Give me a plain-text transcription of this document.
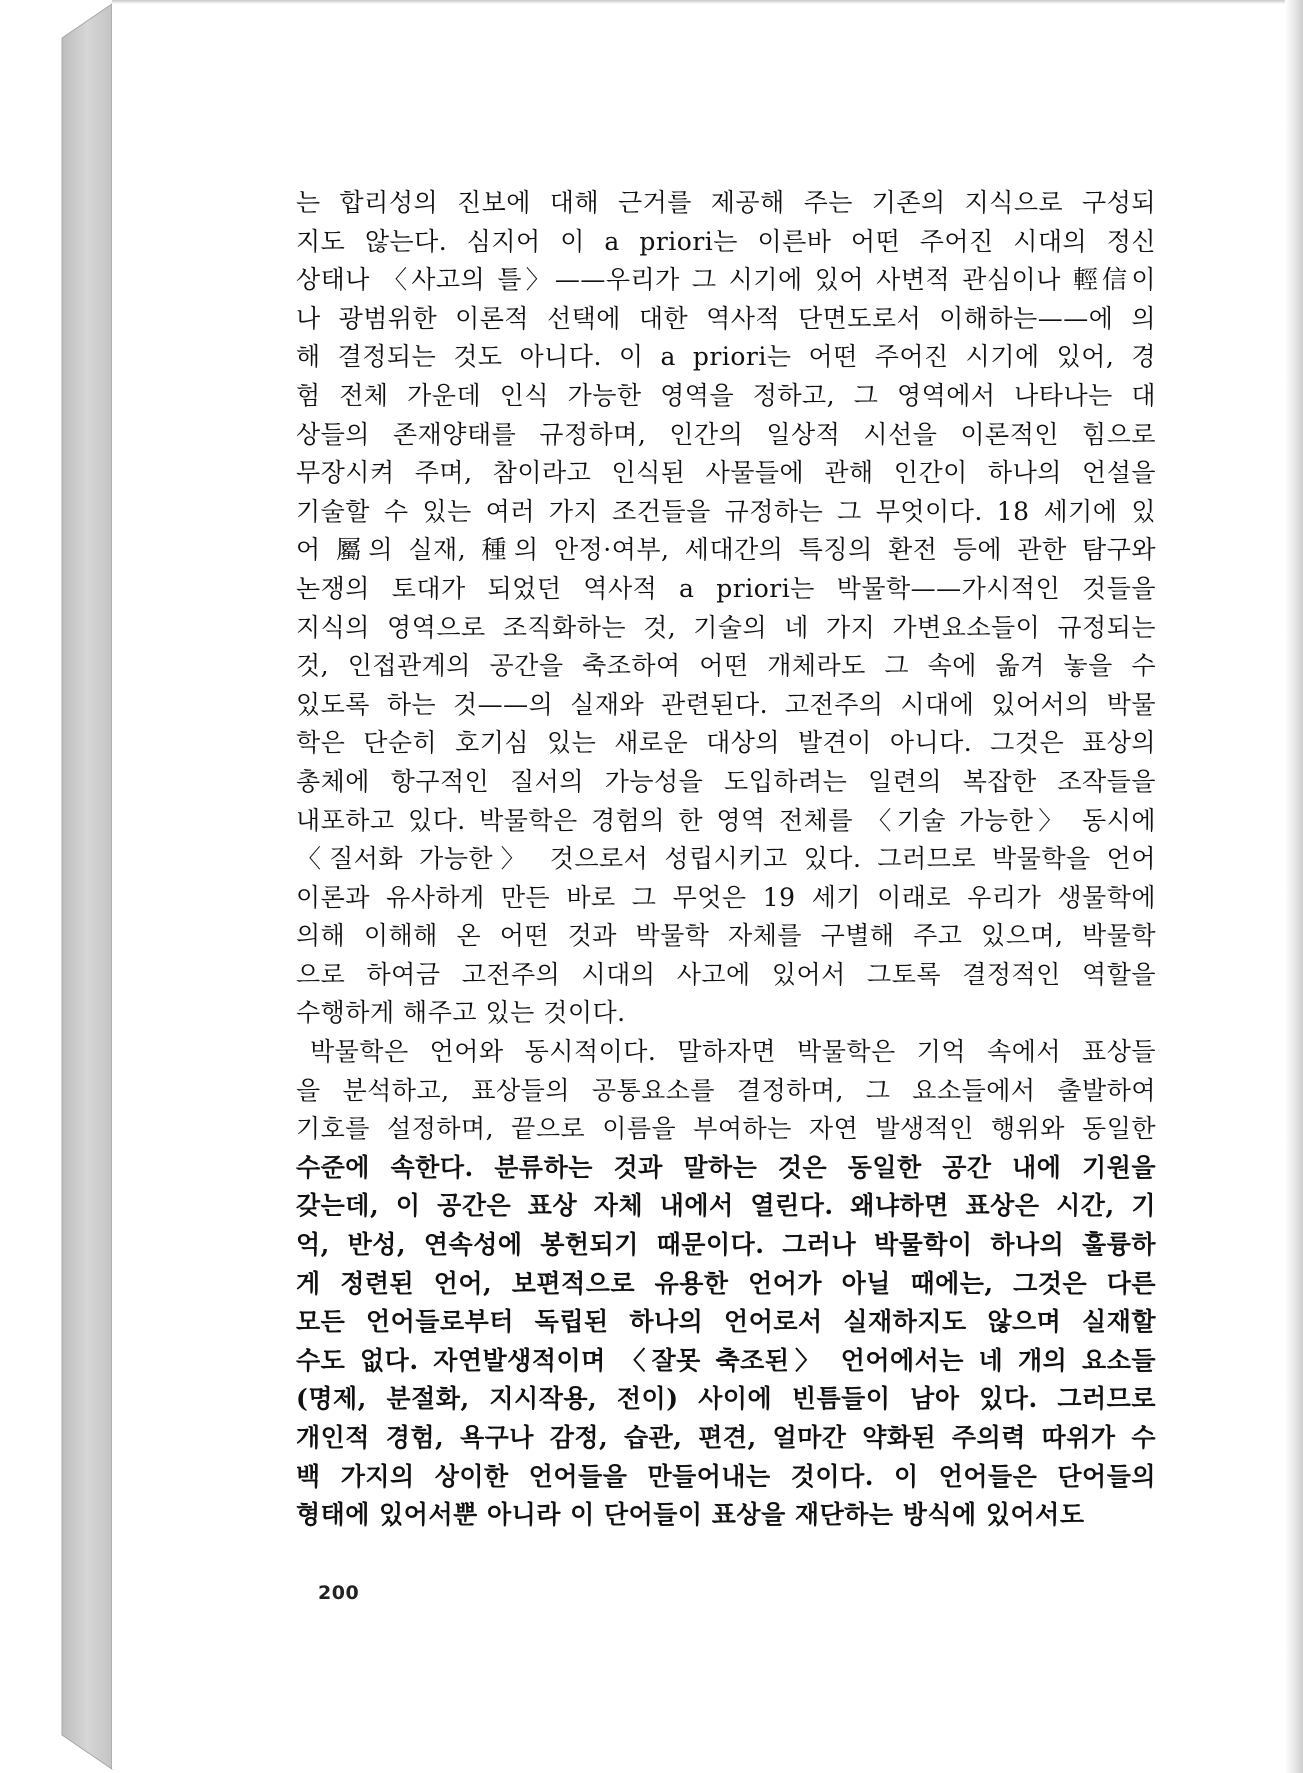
는 합리성의 진보에 대해 근거를 제공해 주는 기존의 지식으로 구성되
지도 않는다. 심지어 이 a priori는 이른바 어떤 주어진 시대의 정신
상태나 〈사고의 틀〉——우리가 그 시기에 있어 사변적 관심이나 輕信이
나 광범위한 이론적 선택에 대한 역사적 단면도로서 이해하는——에 의
해 결정되는 것도 아니다. 이 a priori는 어떤 주어진 시기에 있어, 경
험 전체 가운데 인식 가능한 영역을 정하고, 그 영역에서 나타나는 대
상들의 존재양태를 규정하며, 인간의 일상적 시선을 이론적인 힘으로
무장시켜 주며, 참이라고 인식된 사물들에 관해 인간이 하나의 언설을
기술할 수 있는 여러 가지 조건들을 규정하는 그 무엇이다. 18 세기에 있
어 屬의 실재, 種의 안정·여부, 세대간의 특징의 환전 등에 관한 탐구와
논쟁의 토대가 되었던 역사적 a priori는 박물학——가시적인 것들을
지식의 영역으로 조직화하는 것, 기술의 네 가지 가변요소들이 규정되는
것, 인접관계의 공간을 축조하여 어떤 개체라도 그 속에 옮겨 놓을 수
있도록 하는 것——의 실재와 관련된다. 고전주의 시대에 있어서의 박물
학은 단순히 호기심 있는 새로운 대상의 발견이 아니다. 그것은 표상의
총체에 항구적인 질서의 가능성을 도입하려는 일련의 복잡한 조작들을
내포하고 있다. 박물학은 경험의 한 영역 전체를 〈기술 가능한〉 동시에
〈질서화 가능한〉 것으로서 성립시키고 있다. 그러므로 박물학을 언어
이론과 유사하게 만든 바로 그 무엇은 19 세기 이래로 우리가 생물학에
의해 이해해 온 어떤 것과 박물학 자체를 구별해 주고 있으며, 박물학
으로 하여금 고전주의 시대의 사고에 있어서 그토록 결정적인 역할을
수행하게 해주고 있는 것이다.
박물학은 언어와 동시적이다. 말하자면 박물학은 기억 속에서 표상들
을 분석하고, 표상들의 공통요소를 결정하며, 그 요소들에서 출발하여
기호를 설정하며, 끝으로 이름을 부여하는 자연 발생적인 행위와 동일한
수준에 속한다. 분류하는 것과 말하는 것은 동일한 공간 내에 기원을
갖는데, 이 공간은 표상 자체 내에서 열린다. 왜냐하면 표상은 시간, 기
억, 반성, 연속성에 봉헌되기 때문이다. 그러나 박물학이 하나의 훌륭하
게 정련된 언어, 보편적으로 유용한 언어가 아닐 때에는, 그것은 다른
모든 언어들로부터 독립된 하나의 언어로서 실재하지도 않으며 실재할
수도 없다. 자연발생적이며 〈잘못 축조된〉 언어에서는 네 개의 요소들
(명제, 분절화, 지시작용, 전이) 사이에 빈틈들이 남아 있다. 그러므로
개인적 경험, 욕구나 감정, 습관, 편견, 얼마간 약화된 주의력 따위가 수
백 가지의 상이한 언어들을 만들어내는 것이다. 이 언어들은 단어들의
형태에 있어서뿐 아니라 이 단어들이 표상을 재단하는 방식에 있어서도
200
